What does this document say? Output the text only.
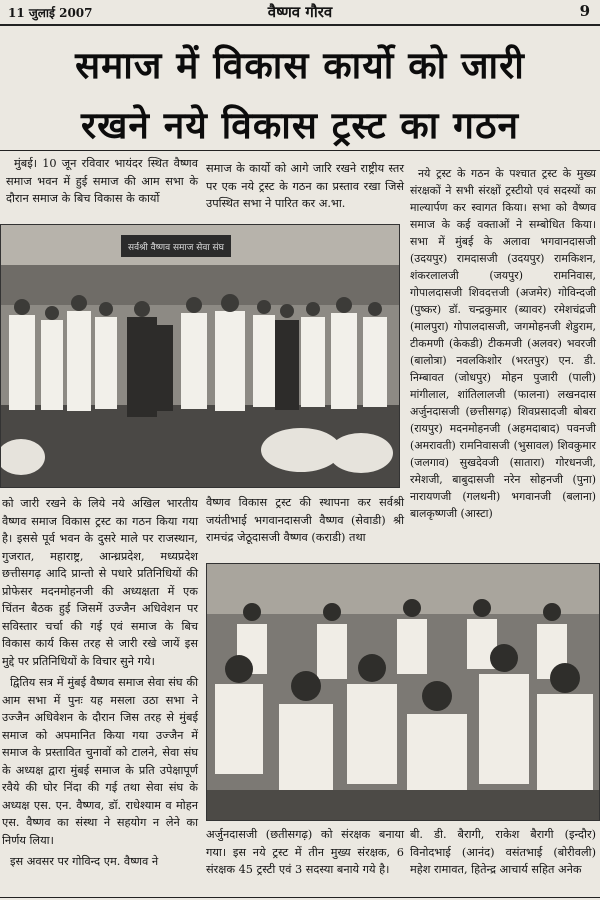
11 जुलाई 2007	वैष्णव गौरव	9
समाज में विकास कार्यो को जारी
रखने नये विकास ट्रस्ट का गठन

मुंबई। 10 जून रविवार भायंदर स्थित वैष्णव समाज भवन में हुई समाज की आम सभा के दौरान समाज के बिच विकास के कार्यो

समाज के कार्यो को आगे जारि रखने राष्ट्रीय स्तर पर एक नये ट्रस्ट के गठन का प्रस्ताव रखा जिसे उपस्थित सभा ने पारित कर अ.भा.

नये ट्रस्ट के गठन के पश्चात ट्रस्ट के मुख्य संरक्षकों ने सभी संरक्षों ट्रस्टीयो एवं सदस्यों का माल्यार्पण कर स्वागत किया। सभा को वैष्णव समाज के कई वक्ताओं ने सम्बोधित किया। सभा में मुंबई के अलावा भगवानदासजी (उदयपुर) रामदासजी (उदयपुर) रामकिशन, शंकरलालजी (जयपुर) रामनिवास, गोपालदासजी शिवदत्तजी (अजमेर) गोविन्दजी (पुष्कर) डॉ. चन्द्रकुमार (ब्यावर) रमेशचंद्रजी (मालपुरा) गोपालदासजी, जगमोहनजी शेडुराम, टीकमणी (केकडी) टीकमजी (अलवर) भवरजी (बालोत्रा) नवलकिशोर (भरतपुर) एन. डी. निम्बावत (जोधपुर) मोहन पुजारी (पाली) मांगीलाल, शांतिलालजी (फालना) लखनदास अर्जुनदासजी (छत्तीसगढ़) शिवप्रसादजी बोबरा (रायपुर) मदनमोहनजी (अहमदाबाद) पवनजी (अमरावती) रामनिवासजी (भुसावल) शिवकुमार (जलगाव) सुखदेवजी (सातारा) गोरधनजी, रमेशजी, बाबुदासजी नरेन सोहनजी (पुना) नारायणजी (गलथनी) भगवानजी (बलाना) बालकृष्णजी (आस्टा)

सर्वश्री वैष्णव समाज सेवा संघ

को जारी रखने के लिये नये अखिल भारतीय वैष्णव समाज विकास ट्रस्ट का गठन किया गया है। इससे पूर्व भवन के दुसरे माले पर राजस्थान, गुजरात, महाराष्ट्र, आन्ध्रप्रदेश, मध्यप्रदेश छत्तीसगढ़ आदि प्रान्तो से पधारे प्रतिनिधियों की प्रोफेसर मदनमोहनजी की अध्यक्षता में एक चिंतन बैठक हुई जिसमें उज्जैन अधिवेशन पर सविस्तार चर्चा की गई एवं समाज के बिच विकास कार्य किस तरह से जारी रखे जायें इस मुद्दे पर प्रतिनिधियों के विचार सुने गये।

द्वितिय सत्र में मुंबई वैष्णव समाज सेवा संघ की आम सभा में पुनः यह मसला उठा सभा ने उज्जैन अधिवेशन के दौरान जिस तरह से मुंबई समाज को अपमानित किया गया उज्जैन में समाज के प्रस्तावित चुनावों को टालने, सेवा संघ के अध्यक्ष द्वारा मुंबई समाज के प्रति उपेक्षापूर्ण रवैये की घोर निंदा की गई तथा सेवा संघ के अध्यक्ष एस. एन. वैष्णव, डॉ. राधेश्याम व मोहन एस. वैष्णव का संस्था ने सहयोग न लेने का निर्णय लिया।

इस अवसर पर गोविन्द एम. वैष्णव ने

वैष्णव विकास ट्रस्ट की स्थापना कर सर्वश्री जयंतीभाई भगवानदासजी वैष्णव (सेवाडी) श्री रामचंद्र जेठूदासजी वैष्णव (कराडी) तथा

अर्जुनदासजी (छतीसगढ़) को संरक्षक बनाया गया। इस नये ट्रस्ट में तीन मुख्य संरक्षक, 6 संरक्षक 45 ट्रस्टी एवं 3 सदस्या बनाये गये है।

बी. डी. बैरागी, राकेश बैरागी (इन्दौर) विनोदभाई (आनंद) वसंतभाई (बोरीवली) महेश रामावत, हितेन्द्र आचार्य सहित अनेक
